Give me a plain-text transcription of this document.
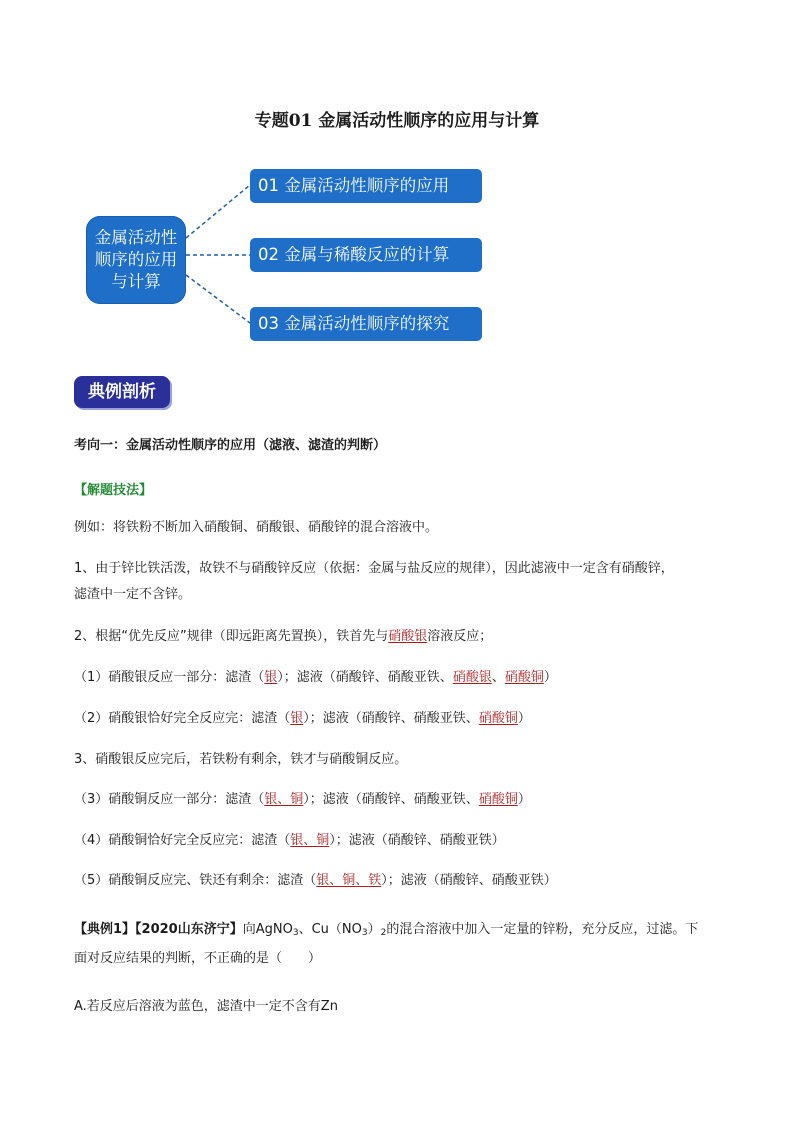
专题01 金属活动性顺序的应用与计算
金属活动性
顺序的应用
与计算
01 金属活动性顺序的应用
02 金属与稀酸反应的计算
03 金属活动性顺序的探究
典例剖析
考向一：金属活动性顺序的应用（滤液、滤渣的判断）
【解题技法】
例如：将铁粉不断加入硝酸铜、硝酸银、硝酸锌的混合溶液中。
1、由于锌比铁活泼，故铁不与硝酸锌反应（依据：金属与盐反应的规律），因此滤液中一定含有硝酸锌，
滤渣中一定不含锌。
2、根据“优先反应”规律（即远距离先置换），铁首先与硝酸银溶液反应；
（1）硝酸银反应一部分：滤渣（银）；滤液（硝酸锌、硝酸亚铁、硝酸银、硝酸铜）
（2）硝酸银恰好完全反应完：滤渣（银）；滤液（硝酸锌、硝酸亚铁、硝酸铜）
3、硝酸银反应完后，若铁粉有剩余，铁才与硝酸铜反应。
（3）硝酸铜反应一部分：滤渣（银、铜）；滤液（硝酸锌、硝酸亚铁、硝酸铜）
（4）硝酸铜恰好完全反应完：滤渣（银、铜）；滤液（硝酸锌、硝酸亚铁）
（5）硝酸铜反应完、铁还有剩余：滤渣（银、铜、铁）；滤液（硝酸锌、硝酸亚铁）
【典例1】【2020山东济宁】向AgNO$_3$、$Cu(NO_3)_2$的混合溶液中加入一定量的锌粉，充分反应，过滤。下
面对反应结果的判断，不正确的是（　　）
A.若反应后溶液为蓝色，滤渣中一定不含有Zn
